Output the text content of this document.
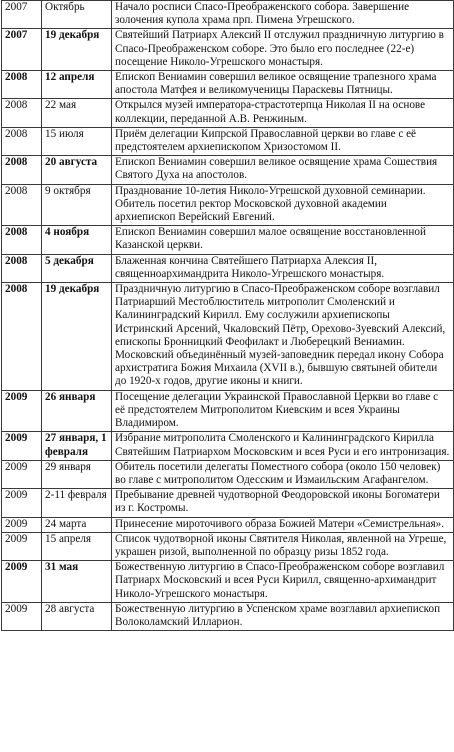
2007	Октябрь	Начало росписи Спасо-Преображенского собора. Завершение золочения купола храма прп. Пимена Угрешского.
2007	19 декабря	Святейший Патриарх Алексий II отслужил праздничную литургию в Спасо-Преображенском соборе. Это было его последнее (22-е) посещение Николо-Угрешского монастыря.
2008	12 апреля	Епископ Вениамин совершил великое освящение трапезного храма апостола Матфея и великомученицы Параскевы Пятницы.
2008	22 мая	Открылся музей императора-страстотерпца Николая II на основе коллекции, переданной А.В. Ренжиным.
2008	15 июля	Приём делегации Кипрской Православной церкви во главе с её предстоятелем архиепископом Хризостомом II.
2008	20 августа	Епископ Вениамин совершил великое освящение храма Сошествия Святого Духа на апостолов.
2008	9 октября	Празднование 10-летия Николо-Угрешской духовной семинарии. Обитель посетил ректор Московской духовной академии архиепископ Верейский Евгений.
2008	4 ноября	Епископ Вениамин совершил малое освящение восстановленной Казанской церкви.
2008	5 декабря	Блаженная кончина Святейшего Патриарха Алексия II, священноархимандрита Николо-Угрешского монастыря.
2008	19 декабря	Праздничную литургию в Спасо-Преображенском соборе возглавил Патриарший Местоблюститель митрополит Смоленский и Калининградский Кирилл. Ему сослужили архиепископы Истринский Арсений, Чкаловский Пётр, Орехово-Зуевский Алексий, епископы Бронницкий Феофилакт и Люберецкий Вениамин. Московский объединённый музей-заповедник передал икону Собора архистратига Божия Михаила (XVII в.), бывшую святыней обители до 1920-х годов, другие иконы и книги.
2009	26 января	Посещение делегации Украинской Православной Церкви во главе с её предстоятелем Митрополитом Киевским и всея Украины Владимиром.
2009	27 января, 1 февраля	Избрание митрополита Смоленского и Калининградского Кирилла Святейшим Патриархом Московским и всея Руси и его интронизация.
2009	29 января	Обитель посетили делегаты Поместного собора (около 150 человек) во главе с митрополитом Одесским и Измаильским Агафангелом.
2009	2-11 февраля	Пребывание древней чудотворной Феодоровской иконы Богоматери из г. Костромы.
2009	24 марта	Принесение мироточивого образа Божией Матери «Семистрельная».
2009	15 апреля	Список чудотворной иконы Святителя Николая, явленной на Угреше, украшен ризой, выполненной по образцу ризы 1852 года.
2009	31 мая	Божественную литургию в Спасо-Преображенском соборе возглавил Патриарх Московский и всея Руси Кирилл, священно-архимандрит Николо-Угрешского монастыря.
2009	28 августа	Божественную литургию в Успенском храме возглавил архиепископ Волоколамский Илларион.
